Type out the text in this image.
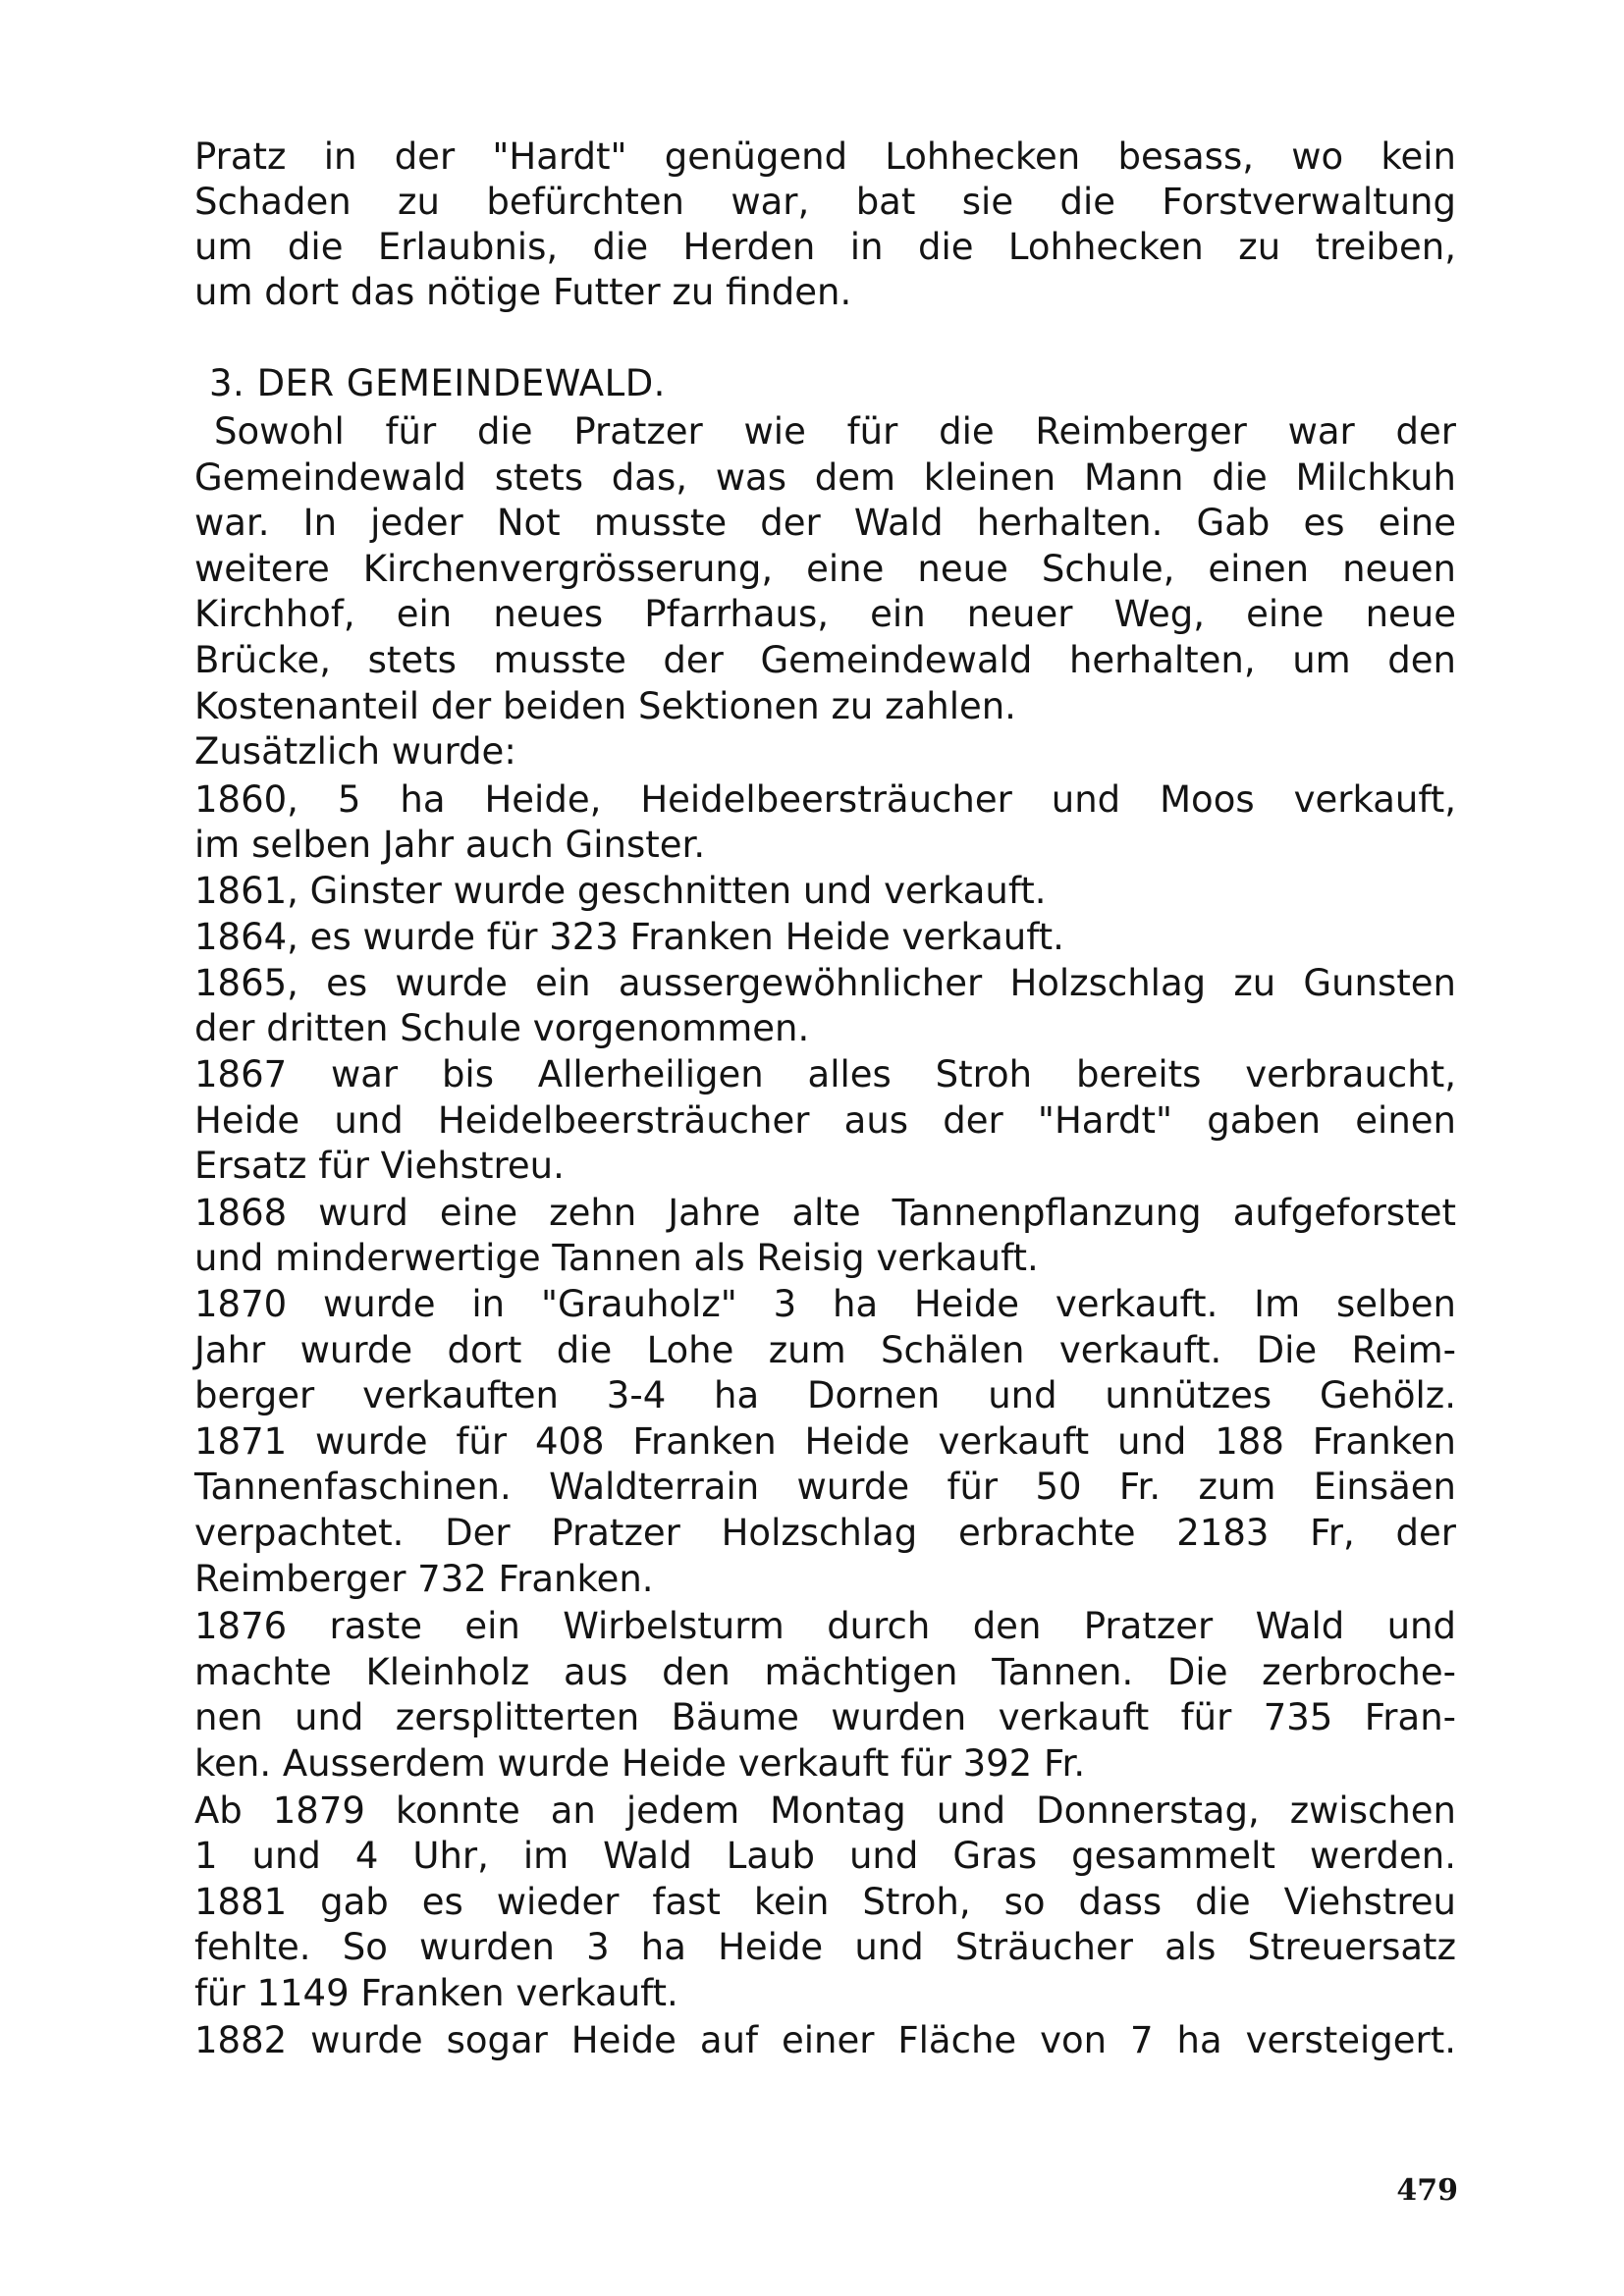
Pratz in der "Hardt" genügend Lohhecken besass, wo kein
Schaden zu befürchten war, bat sie die Forstverwaltung
um die Erlaubnis, die Herden in die Lohhecken zu treiben,
um dort das nötige Futter zu finden.
3. DER GEMEINDEWALD.
Sowohl für die Pratzer wie für die Reimberger war der
Gemeindewald stets das, was dem kleinen Mann die Milchkuh
war. In jeder Not musste der Wald herhalten. Gab es eine
weitere Kirchenvergrösserung, eine neue Schule, einen neuen
Kirchhof, ein neues Pfarrhaus, ein neuer Weg, eine neue
Brücke, stets musste der Gemeindewald herhalten, um den
Kostenanteil der beiden Sektionen zu zahlen.
Zusätzlich wurde:
1860, 5 ha Heide, Heidelbeersträucher und Moos verkauft,
im selben Jahr auch Ginster.
1861, Ginster wurde geschnitten und verkauft.
1864, es wurde für 323 Franken Heide verkauft.
1865, es wurde ein aussergewöhnlicher Holzschlag zu Gunsten
der dritten Schule vorgenommen.
1867 war bis Allerheiligen alles Stroh bereits verbraucht,
Heide und Heidelbeersträucher aus der "Hardt" gaben einen
Ersatz für Viehstreu.
1868 wurd eine zehn Jahre alte Tannenpflanzung aufgeforstet
und minderwertige Tannen als Reisig verkauft.
1870 wurde in "Grauholz" 3 ha Heide verkauft. Im selben
Jahr wurde dort die Lohe zum Schälen verkauft. Die Reim-
berger verkauften 3-4 ha Dornen und unnützes Gehölz.
1871 wurde für 408 Franken Heide verkauft und 188 Franken
Tannenfaschinen. Waldterrain wurde für 50 Fr. zum Einsäen
verpachtet. Der Pratzer Holzschlag erbrachte 2183 Fr, der
Reimberger 732 Franken.
1876 raste ein Wirbelsturm durch den Pratzer Wald und
machte Kleinholz aus den mächtigen Tannen. Die zerbroche-
nen und zersplitterten Bäume wurden verkauft für 735 Fran-
ken. Ausserdem wurde Heide verkauft für 392 Fr.
Ab 1879 konnte an jedem Montag und Donnerstag, zwischen
1 und 4 Uhr, im Wald Laub und Gras gesammelt werden.
1881 gab es wieder fast kein Stroh, so dass die Viehstreu
fehlte. So wurden 3 ha Heide und Sträucher als Streuersatz
für 1149 Franken verkauft.
1882 wurde sogar Heide auf einer Fläche von 7 ha versteigert.
479
